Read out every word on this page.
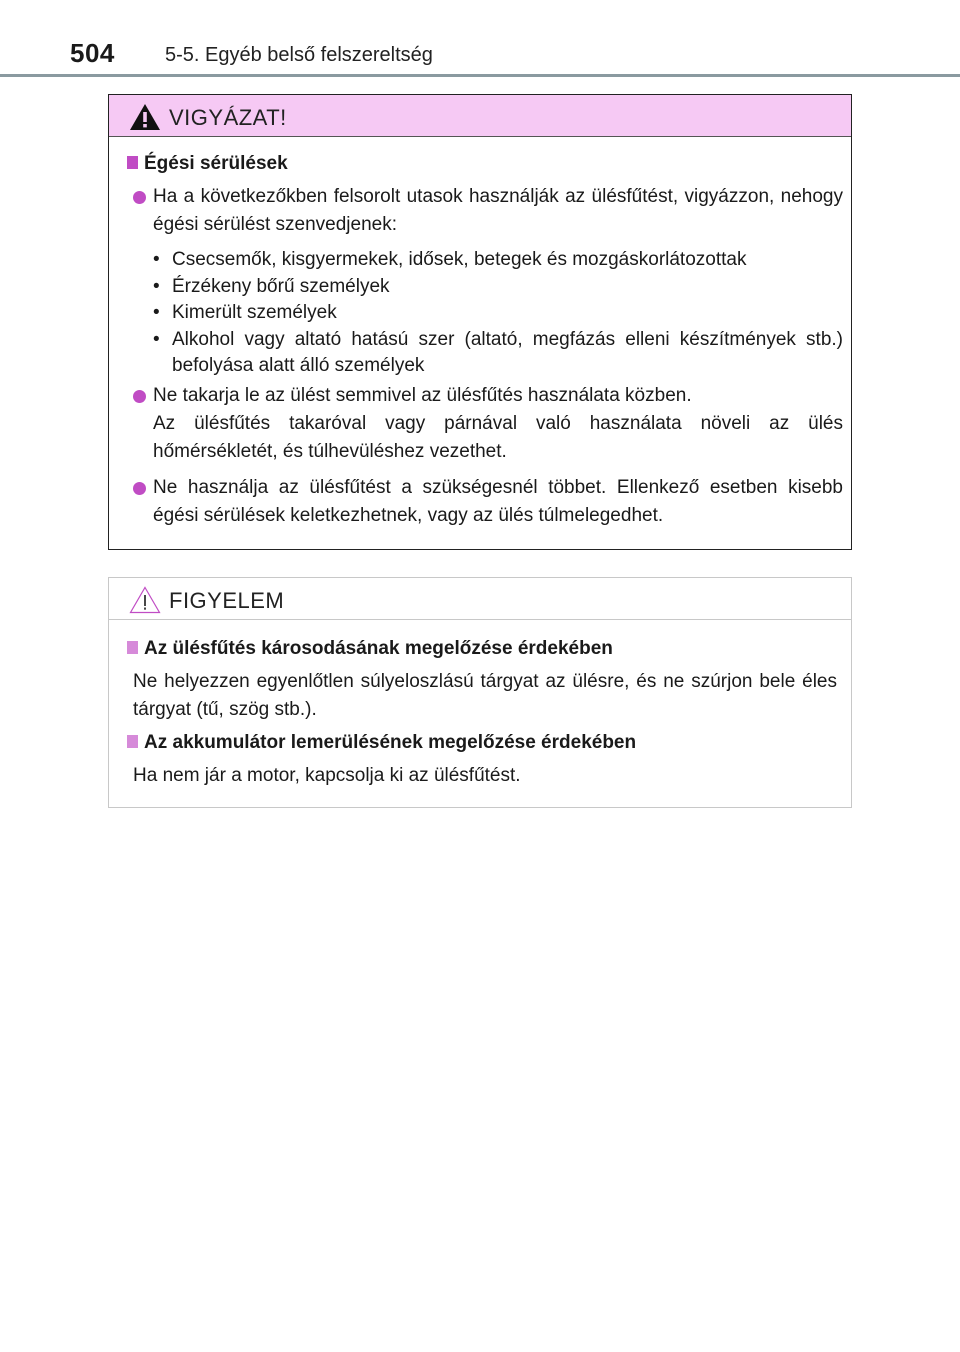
504	5-5. Egyéb belső felszereltség
VIGYÁZAT!
Égési sérülések
Ha a következőkben felsorolt utasok használják az ülésfűtést, vigyázzon, nehogy égési sérülést szenvedjenek:
• Csecsemők, kisgyermekek, idősek, betegek és mozgáskorlátozottak
• Érzékeny bőrű személyek
• Kimerült személyek
• Alkohol vagy altató hatású szer (altató, megfázás elleni készítmények stb.) befolyása alatt álló személyek
Ne takarja le az ülést semmivel az ülésfűtés használata közben.
Az ülésfűtés takaróval vagy párnával való használata növeli az ülés hőmérsékletét, és túlhevüléshez vezethet.
Ne használja az ülésfűtést a szükségesnél többet. Ellenkező esetben kisebb égési sérülések keletkezhetnek, vagy az ülés túlmelegedhet.
FIGYELEM
Az ülésfűtés károsodásának megelőzése érdekében
Ne helyezzen egyenlőtlen súlyeloszlású tárgyat az ülésre, és ne szúrjon bele éles tárgyat (tű, szög stb.).
Az akkumulátor lemerülésének megelőzése érdekében
Ha nem jár a motor, kapcsolja ki az ülésfűtést.
